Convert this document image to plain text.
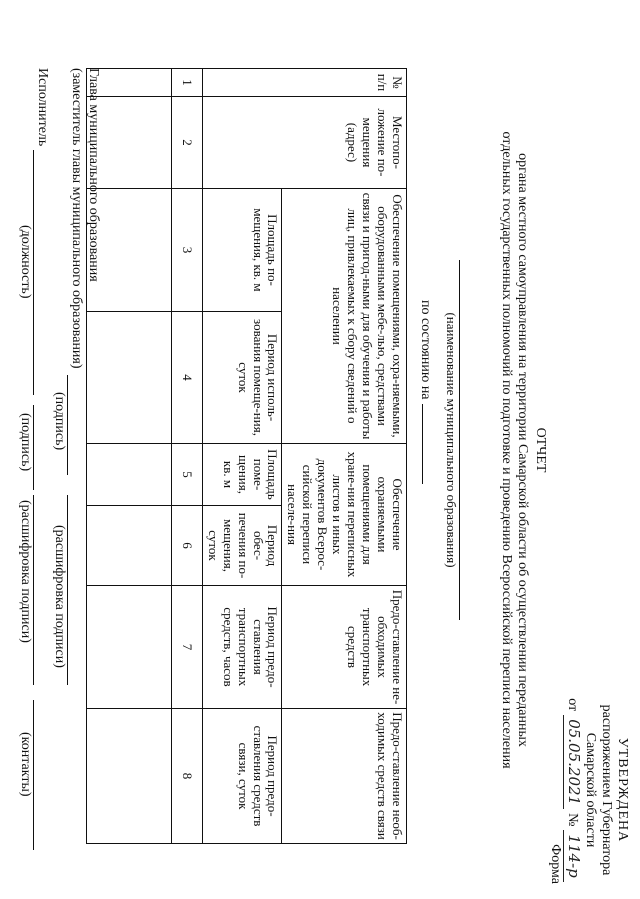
УТВЕРЖДЕНА
распоряжением Губернатора
Самарской области
от
05.05.2021
№
114-р
Форма
ОТЧЕТ
органа местного самоуправления на территории Самарской области об осуществлении переданных
отдельных государственных полномочий по подготовке и проведению Всероссийской переписи населения
(наименование муниципального образования)
по состоянию на
№ п/п	Местопо-ложение по-мещения (адрес)	Обеспечение помещениями, охра-няемыми, оборудованными мебе-лью, средствами связи и пригод-ными для обучения и работы лиц, привлекаемых к сбору сведений о населении		Обеспечение охраняемыми помещениями для хране-ния переписных листов и иных документов Всерос-сийской переписи населе-ния		Предо-ставление не-обходимых транспортных средств	Предо-ставление необ-ходимых средств связи
		Площадь по-мещения, кв. м	Период исполь-зования помеще-ния, суток	Площадь поме-щения, кв. м	Период обес-печения по-мещения, суток	Период предо-ставления транспортных средств, часов	Период предо-ставления средств связи, суток
1	2	3	4	5	6	7	8

Глава муниципального образования
(заместитель главы муниципального образования)
(подпись)
(расшифровка подписи)
Исполнитель
(должность)
(подпись)
(расшифровка подписи)
(контакты)
